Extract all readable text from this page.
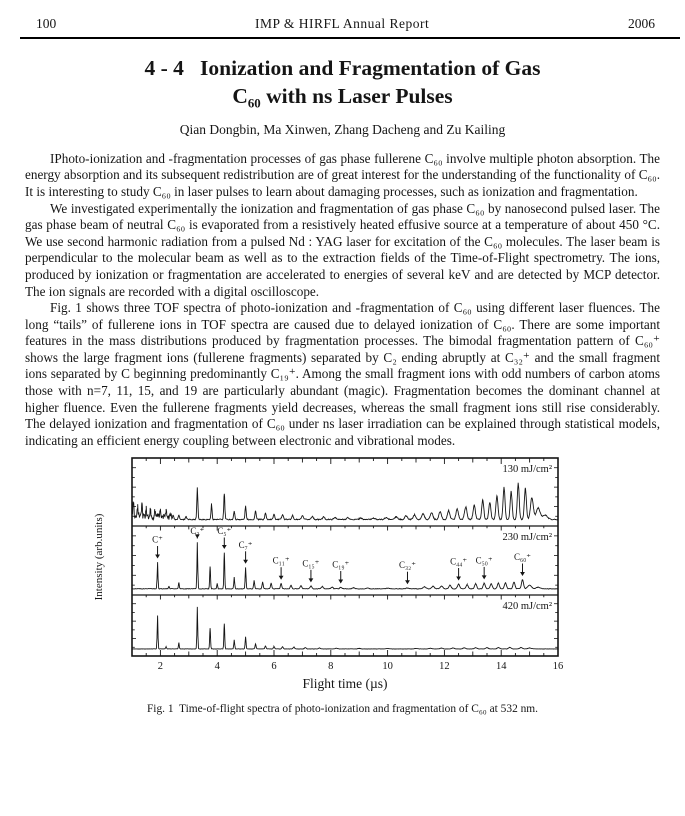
100	IMP & HIRFL Annual Report	2006
4 - 4   Ionization and Fragmentation of Gas
C₆₀ with ns Laser Pulses
Qian Dongbin, Ma Xinwen, Zhang Dacheng and Zu Kailing

IPhoto-ionization and -fragmentation processes of gas phase fullerene C₆₀ involve multiple photon absorption. The energy absorption and its subsequent redistribution are of great interest for the understanding of the functionality of C₆₀. It is interesting to study C₆₀ in laser pulses to learn about damaging processes, such as ionization and fragmentation.

We investigated experimentally the ionization and fragmentation of gas phase C₆₀ by nanosecond pulsed laser. The gas phase beam of neutral C₆₀ is evaporated from a resistively heated effusive source at a temperature of about 450 °C. We use second harmonic radiation from a pulsed Nd : YAG laser for excitation of the C₆₀ molecules. The laser beam is perpendicular to the molecular beam as well as to the extraction fields of the Time-of-Flight spectrometry. The ions, produced by ionization or fragmentation are accelerated to energies of several keV and are detected by MCP detector. The ion signals are recorded with a digital oscilloscope.

Fig. 1 shows three TOF spectra of photo-ionization and -fragmentation of C₆₀ using different laser fluences. The long “tails” of fullerene ions in TOF spectra are caused due to delayed ionization of C₆₀. There are some important features in the mass distributions produced by fragmentation processes. The bimodal fragmentation pattern of C₆₀⁺ shows the large fragment ions (fullerene fragments) separated by C₂ ending abruptly at C₃₂⁺ and the small fragment ions separated by C beginning predominantly C₁₉⁺. Among the small fragment ions with odd numbers of carbon atoms those with n=7, 11, 15, and 19 are particularly abundant (magic). Fragmentation becomes the dominant channel at higher fluence. Even the fullerene fragments yield decreases, whereas the small fragment ions still rise considerably. The delayed ionization and fragmentation of C₆₀ under ns laser irradiation can be explained through statistical models, indicating an efficient energy coupling between electronic and vibrational modes.

2	4	6	8	10	12	14	16
Flight time (µs)
Intensity (arb.units)
130 mJ/cm²
230 mJ/cm²
C⁺
C₃⁺ C₅⁺
C₇⁺
C₁₁⁺ C₁₅⁺ C₁₉⁺	C₃₂⁺	C₄₄⁺ C₅₀⁺ C₆₀⁺
420 mJ/cm²
Fig. 1  Time-of-flight spectra of photo-ionization and fragmentation of C₆₀ at 532 nm.
